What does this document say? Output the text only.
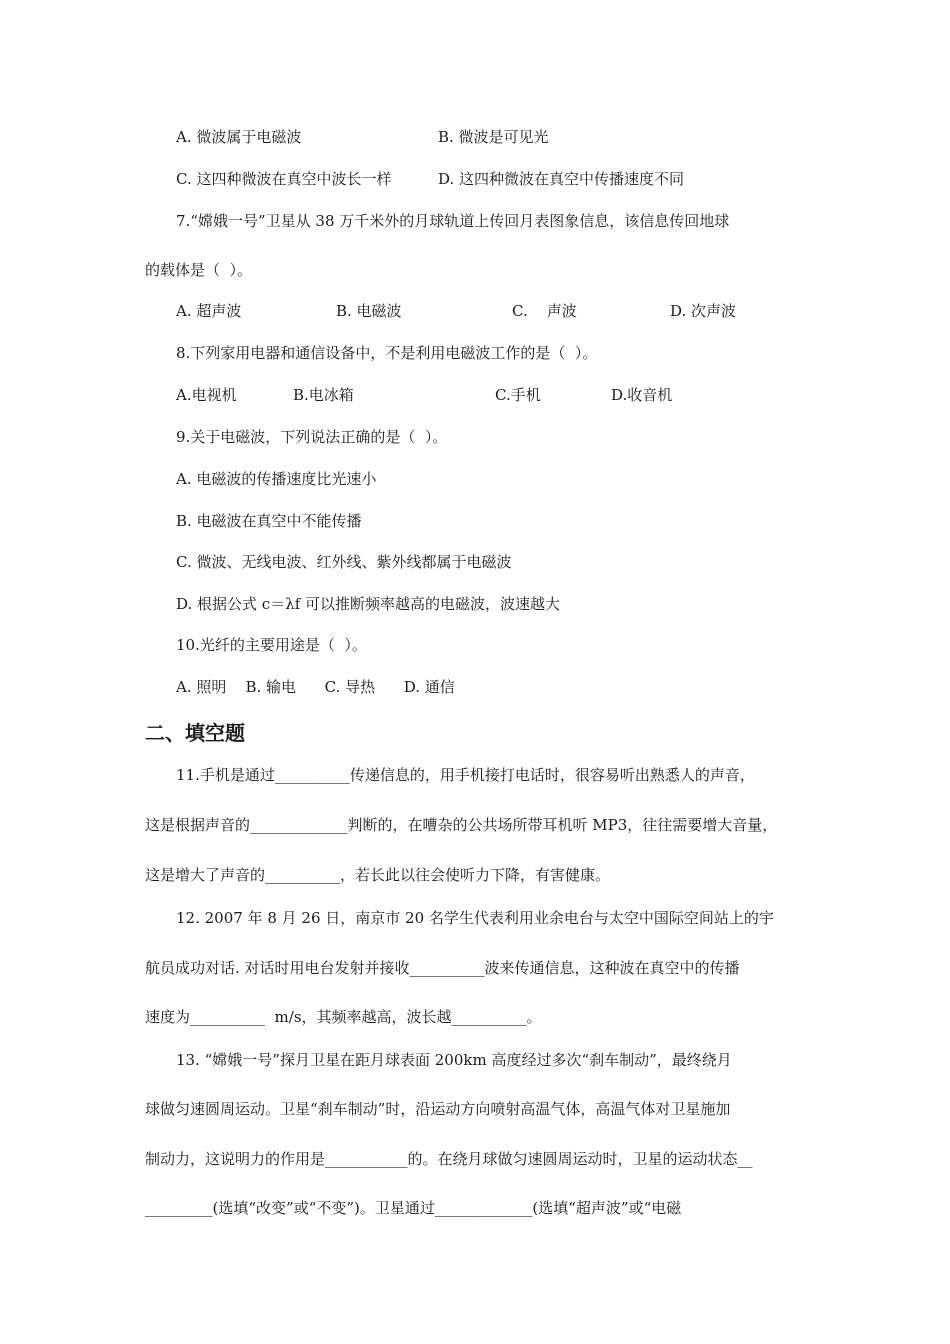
二、填空题
A. 微波属于电磁波	B. 微波是可见光
C. 这四种微波在真空中波长一样	D. 这四种微波在真空中传播速度不同
7.“嫦娥一号”卫星从 38 万千米外的月球轨道上传回月表图象信息，该信息传回地球
的载体是（  ）。
A. 超声波	B. 电磁波	C.    声波	D. 次声波
8.下列家用电器和通信设备中，不是利用电磁波工作的是（  ）。
A.电视机	B.电冰箱	C.手机	D.收音机
9.关于电磁波，下列说法正确的是（  ）。
A. 电磁波的传播速度比光速小
B. 电磁波在真空中不能传播
C. 微波、无线电波、红外线、紫外线都属于电磁波
D. 根据公式 c＝λf 可以推断频率越高的电磁波，波速越大
10.光纤的主要用途是（  ）。
A. 照明    B. 输电      C. 导热      D. 通信
11.手机是通过__________传递信息的，用手机接打电话时，很容易听出熟悉人的声音，
这是根据声音的_____________判断的，在嘈杂的公共场所带耳机听 MP3，往往需要增大音量，
这是增大了声音的__________，若长此以往会使听力下降，有害健康。
12. 2007 年 8 月 26 日，南京市 20 名学生代表利用业余电台与太空中国际空间站上的宇
航员成功对话. 对话时用电台发射并接收__________波来传通信息，这种波在真空中的传播
速度为__________  m/s，其频率越高，波长越__________。
13. “嫦娥一号”探月卫星在距月球表面 200km 高度经过多次“刹车制动”，最终绕月
球做匀速圆周运动。卫星“刹车制动”时，沿运动方向喷射高温气体，高温气体对卫星施加
制动力，这说明力的作用是___________的。在绕月球做匀速圆周运动时，卫星的运动状态__
_________(选填“改变”或“不变”)。卫星通过_____________(选填“超声波”或“电磁
